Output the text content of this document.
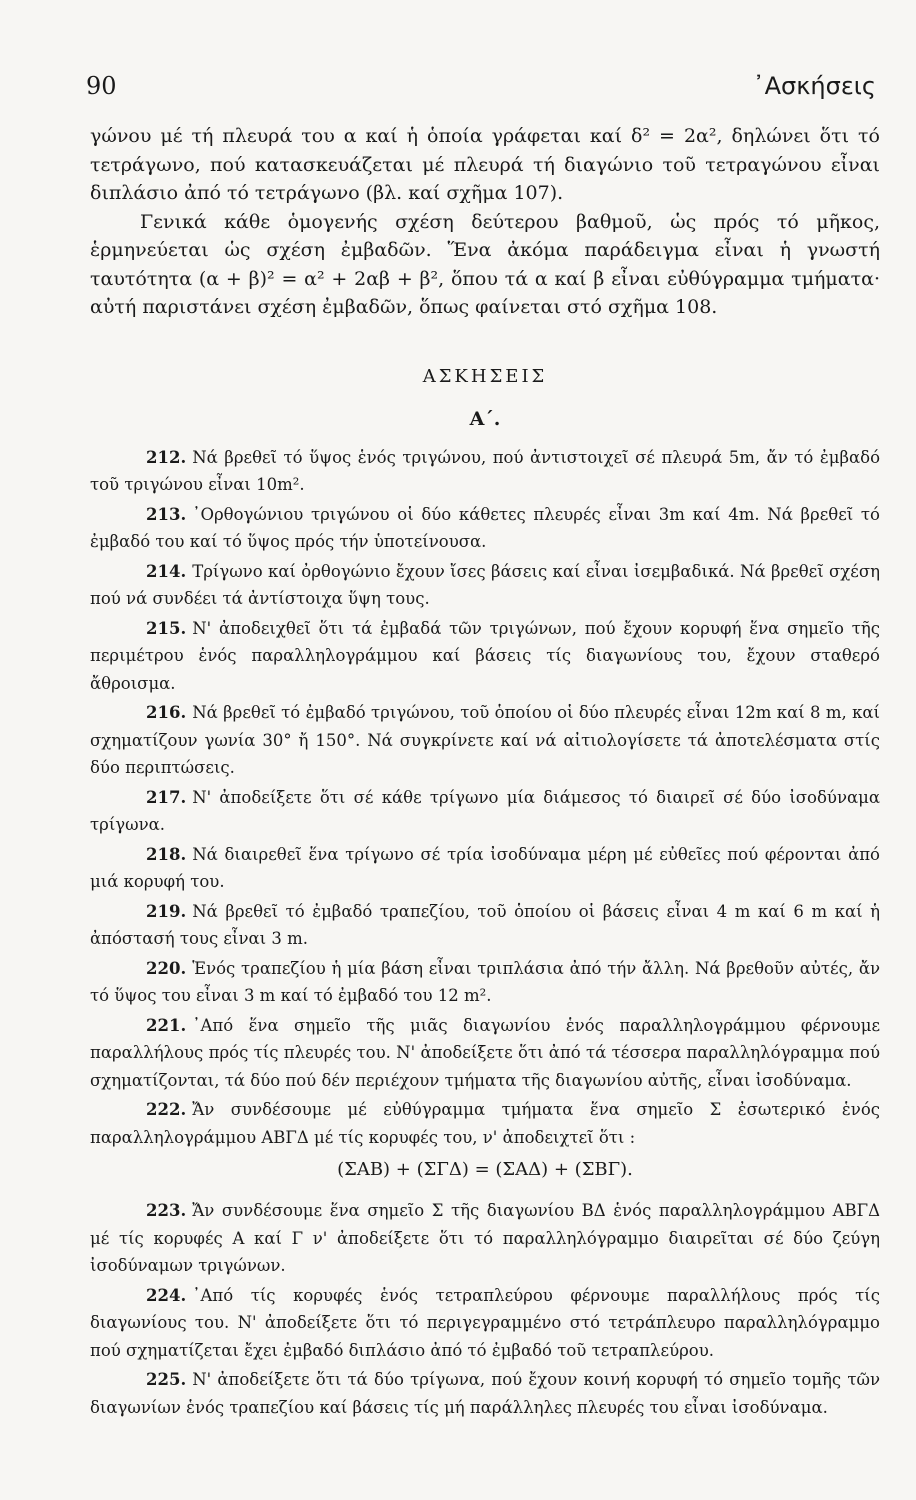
90	᾿Ασκήσεις

γώνου μέ τή πλευρά του α καί ἡ ὁποία γράφεται καί δ² = 2α², δηλώνει ὅτι τό τετράγωνο, πού κατασκευάζεται μέ πλευρά τή διαγώνιο τοῦ τετραγώνου εἶναι διπλάσιο ἀπό τό τετράγωνο (βλ. καί σχῆμα 107).

Γενικά κάθε ὁμογενής σχέση δεύτερου βαθμοῦ, ὡς πρός τό μῆκος, ἑρμηνεύεται ὡς σχέση ἐμβαδῶν. Ἕνα ἀκόμα παράδειγμα εἶναι ἡ γνωστή ταυτότητα (α + β)² = α² + 2αβ + β², ὅπου τά α καί β εἶναι εὐθύγραμμα τμήματα· αὐτή παριστάνει σχέση ἐμβαδῶν, ὅπως φαίνεται στό σχῆμα 108.

ΑΣΚΗΣΕΙΣ
Α΄.

212. Νά βρεθεῖ τό ὕψος ἑνός τριγώνου, πού ἀντιστοιχεῖ σέ πλευρά 5m, ἄν τό ἐμβαδό τοῦ τριγώνου εἶναι 10m².

213. ᾿Ορθογώνιου τριγώνου οἱ δύο κάθετες πλευρές εἶναι 3m καί 4m. Νά βρεθεῖ τό ἐμβαδό του καί τό ὕψος πρός τήν ὑποτείνουσα.

214. Τρίγωνο καί ὀρθογώνιο ἔχουν ἴσες βάσεις καί εἶναι ἰσεμβαδικά. Νά βρεθεῖ σχέση πού νά συνδέει τά ἀντίστοιχα ὕψη τους.

215. Ν' ἀποδειχθεῖ ὅτι τά ἐμβαδά τῶν τριγώνων, πού ἔχουν κορυφή ἕνα σημεῖο τῆς περιμέτρου ἑνός παραλληλογράμμου καί βάσεις τίς διαγωνίους του, ἔχουν σταθερό ἄθροισμα.

216. Νά βρεθεῖ τό ἐμβαδό τριγώνου, τοῦ ὁποίου οἱ δύο πλευρές εἶναι 12m καί 8 m, καί σχηματίζουν γωνία 30° ἤ 150°. Νά συγκρίνετε καί νά αἰτιολογίσετε τά ἀποτελέσματα στίς δύο περιπτώσεις.

217. Ν' ἀποδείξετε ὅτι σέ κάθε τρίγωνο μία διάμεσος τό διαιρεῖ σέ δύο ἰσοδύναμα τρίγωνα.

218. Νά διαιρεθεῖ ἕνα τρίγωνο σέ τρία ἰσοδύναμα μέρη μέ εὐθεῖες πού φέρονται ἀπό μιά κορυφή του.

219. Νά βρεθεῖ τό ἐμβαδό τραπεζίου, τοῦ ὁποίου οἱ βάσεις εἶναι 4 m καί 6 m καί ἡ ἀπόστασή τους εἶναι 3 m.

220. Ἑνός τραπεζίου ἡ μία βάση εἶναι τριπλάσια ἀπό τήν ἄλλη. Νά βρεθοῦν αὐτές, ἄν τό ὕψος του εἶναι 3 m καί τό ἐμβαδό του 12 m².

221. ᾿Από ἕνα σημεῖο τῆς μιᾶς διαγωνίου ἑνός παραλληλογράμμου φέρνουμε παραλλήλους πρός τίς πλευρές του. Ν' ἀποδείξετε ὅτι ἀπό τά τέσσερα παραλληλόγραμμα πού σχηματίζονται, τά δύο πού δέν περιέχουν τμήματα τῆς διαγωνίου αὐτῆς, εἶναι ἰσοδύναμα.

222. Ἄν συνδέσουμε μέ εὐθύγραμμα τμήματα ἕνα σημεῖο Σ ἐσωτερικό ἑνός παραλληλογράμμου ΑΒΓΔ μέ τίς κορυφές του, ν' ἀποδειχτεῖ ὅτι :

(ΣΑΒ) + (ΣΓΔ) = (ΣΑΔ) + (ΣΒΓ).

223. Ἄν συνδέσουμε ἕνα σημεῖο Σ τῆς διαγωνίου ΒΔ ἑνός παραλληλογράμμου ΑΒΓΔ μέ τίς κορυφές Α καί Γ ν' ἀποδείξετε ὅτι τό παραλληλόγραμμο διαιρεῖται σέ δύο ζεύγη ἰσοδύναμων τριγώνων.

224. ᾿Από τίς κορυφές ἑνός τετραπλεύρου φέρνουμε παραλλήλους πρός τίς διαγωνίους του. Ν' ἀποδείξετε ὅτι τό περιγεγραμμένο στό τετράπλευρο παραλληλόγραμμο πού σχηματίζεται ἔχει ἐμβαδό διπλάσιο ἀπό τό ἐμβαδό τοῦ τετραπλεύρου.

225. Ν' ἀποδείξετε ὅτι τά δύο τρίγωνα, πού ἔχουν κοινή κορυφή τό σημεῖο τομῆς τῶν διαγωνίων ἑνός τραπεζίου καί βάσεις τίς μή παράλληλες πλευρές του εἶναι ἰσοδύναμα.
